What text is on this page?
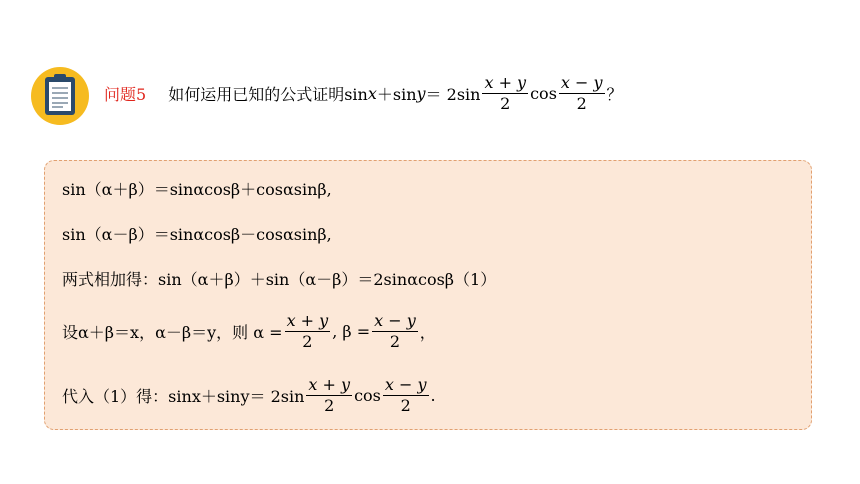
问题5 如何运用已知的公式证明sin x ＋sin $y = 2\sin \frac{x + y}{2}$ $\cos \frac{x - y}{2}$ ？
sin（α＋β）＝sinαcosβ＋cosαsinβ,
sin（α－β）＝sinαcosβ－cosαsinβ,
两式相加得：sin（α＋β）＋sin（α－β）＝2sinαcosβ（1）
设α＋β＝x，α－β＝y，则 $\alpha = \frac{x + y}{2}$ , $\beta = \frac{x - y}{2}$ ，
代入（1）得：$\sin x+\sin y= 2\sin \frac{x + y}{2}$ $\cos \frac{x - y}{2}$ .
